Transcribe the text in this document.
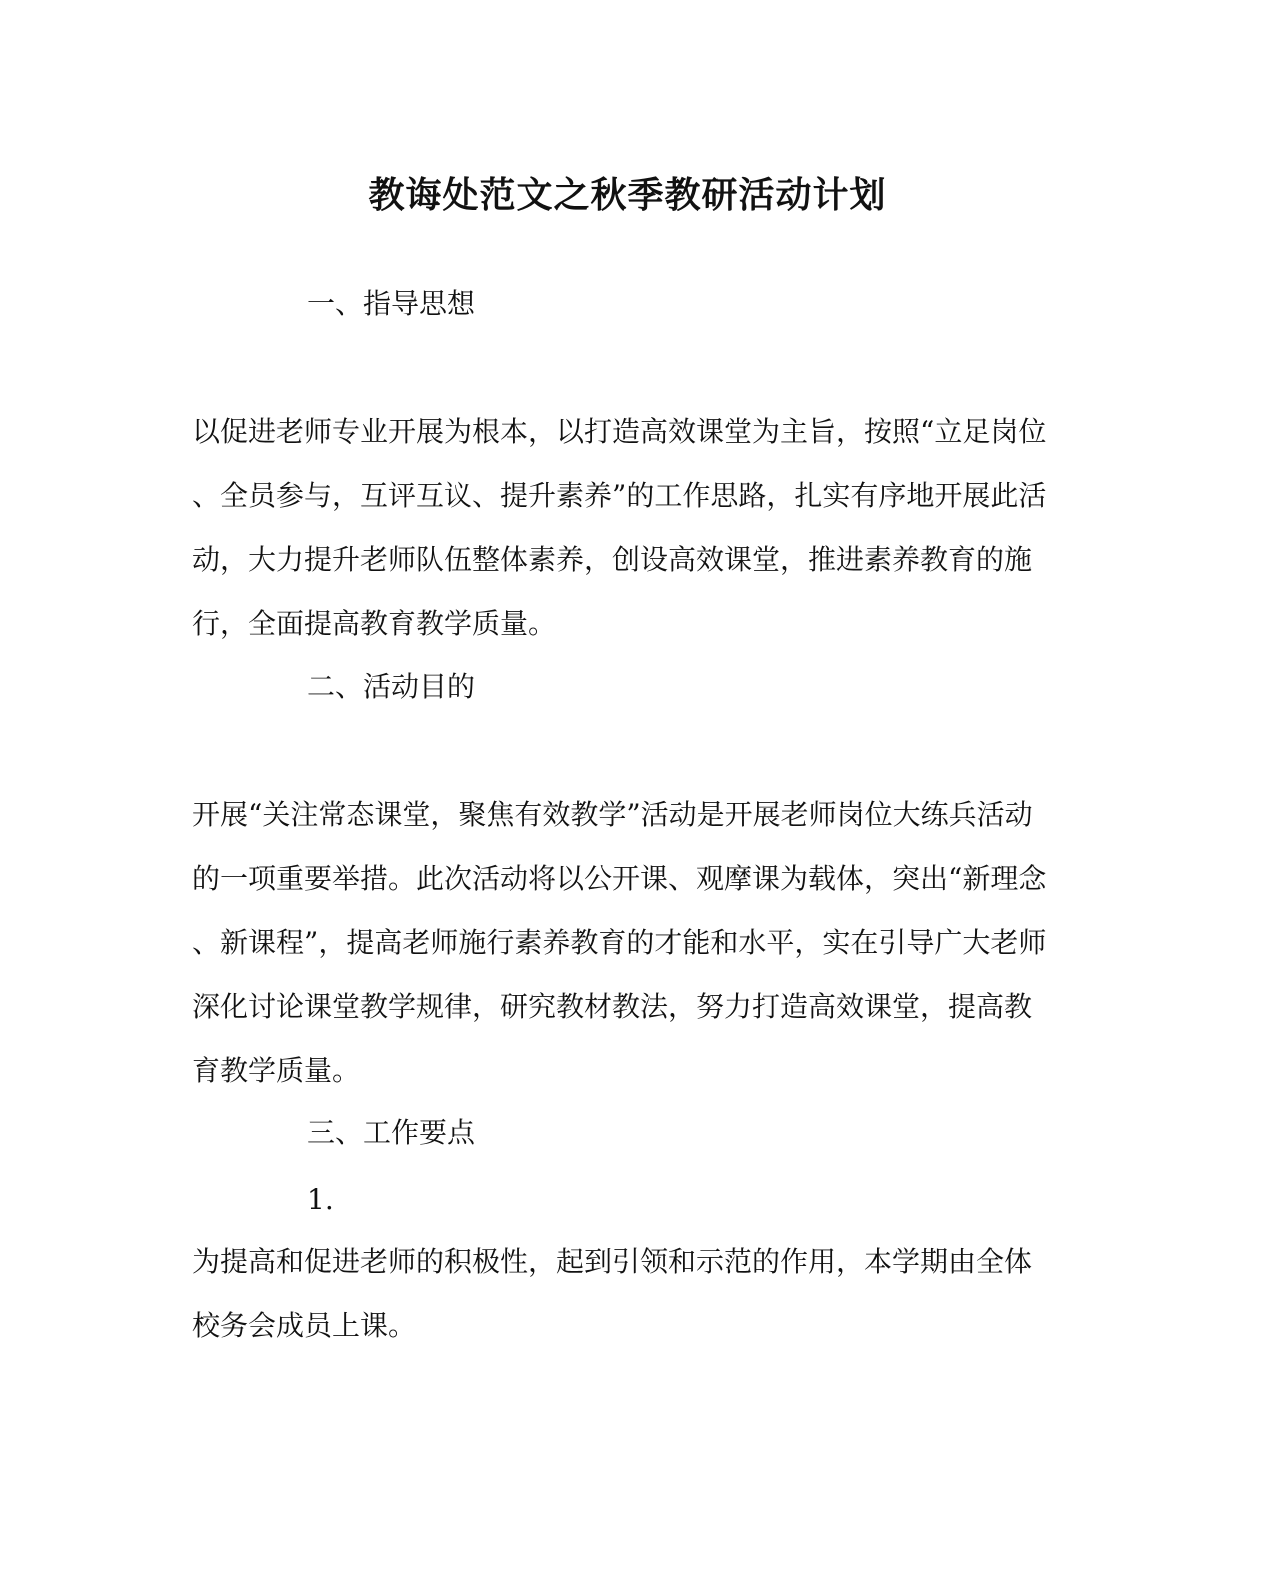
教诲处范文之秋季教研活动计划
一、指导思想
以促进老师专业开展为根本，以打造高效课堂为主旨，按照“立足岗位
、全员参与，互评互议、提升素养”的工作思路，扎实有序地开展此活
动，大力提升老师队伍整体素养，创设高效课堂，推进素养教育的施
行，全面提高教育教学质量。
二、活动目的
开展“关注常态课堂，聚焦有效教学”活动是开展老师岗位大练兵活动
的一项重要举措。此次活动将以公开课、观摩课为载体，突出“新理念
、新课程”，提高老师施行素养教育的才能和水平，实在引导广大老师
深化讨论课堂教学规律，研究教材教法，努力打造高效课堂，提高教
育教学质量。
三、工作要点
1.
为提高和促进老师的积极性，起到引领和示范的作用，本学期由全体
校务会成员上课。
